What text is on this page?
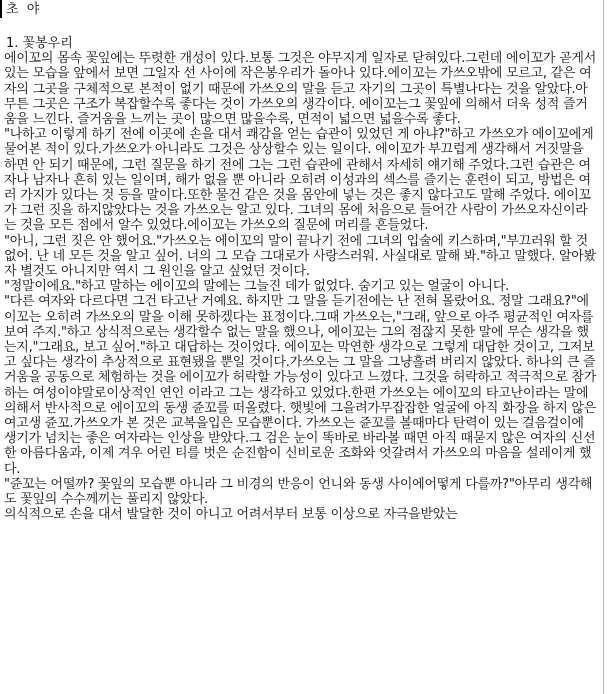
초 야
1. 꽃봉우리

에이꼬의 몸속 꽃잎에는 뚜렷한 개성이 있다.보통 그것은 야무지게 일자로 닫혀있다.그런데 에이꼬가 곧게서 있는 모습을 앞에서 보면 그일자 선 사이에 작은봉우리가 돌아나 있다.에이꼬는 가쓰오밖에 모르고, 같은 여자의 그곳을 구체적으로 본적이 없기 때문에 가쓰오의 말을 듣고 자기의 그곳이 특별나다는 것을 알았다.아무튼 그곳은 구조가 복잡할수록 좋다는 것이 가쓰오의 생각이다. 에이꼬는그 꽃잎에 의해서 더욱 성적 즐거움을 느낀다. 즐거움을 느끼는 곳이 많으면 많을수록, 면적이 넓으면 넓을수록 좋다.

"나하고 이렇게 하기 전에 이곳에 손을 대서 쾌감을 얻는 습관이 있었던 게 아냐?"하고 가쓰오가 에이꼬에게 물어본 적이 있다.가쓰오가 아니라도 그것은 상상할수 있는 일이다. 에이꼬가 부끄럽게 생각해서 거짓말을 하면 안 되기 때문에, 그런 질문을 하기 전에 그는 그런 습관에 관해서 자세히 얘기해 주었다.그런 습관은 여자나 남자나 흔히 있는 일이며, 해가 없을 뿐 아니라 오히려 이성과의 섹스를 즐기는 훈련이 되고, 방법은 여러 가지가 있다는 것 등을 말이다.또한 물건 같은 것을 몸안에 넣는 것은 좋지 않다고도 말해 주었다. 에이꼬가 그런 짓을 하지않았다는 것을 가쓰오는 알고 있다. 그녀의 몸에 처음으로 들어간 사람이 가쓰오자신이라는 것을 모든 점에서 알수 있었다.에이꼬는 가쓰오의 질문에 머리를 흔들었다.

"아니, 그런 짓은 안 했어요."가쓰오는 에이꼬의 말이 끝나기 전에 그녀의 입술에 키스하며,"부끄러워 할 것 없어. 난 네 모든 것을 알고 싶어. 너의 그 모습 그대로가 사랑스러워. 사실대로 말해 봐."하고 말했다. 알아봤자 별것도 아니지만 역시 그 원인을 알고 싶었던 것이다.

"정말이에요."하고 말하는 에이꼬의 말에는 그늘진 데가 없었다. 숨기고 있는 얼굴이 아니다.

"다른 여자와 다르다면 그건 타고난 거예요. 하지만 그 말을 듣기전에는 난 전혀 몰랐어요. 정말 그래요?"에이꼬는 오히려 가쓰오의 말을 이해 못하겠다는 표정이다.그때 가쓰오는,"그래, 앞으로 아주 평균적인 여자를 보여 주지."하고 상식적으로는 생각할수 없는 말을 했으나, 에이꼬는 그의 점잖지 못한 말에 무슨 생각을 했는지,"그래요, 보고 싶어."하고 대답하는 것이었다. 에이꼬는 막연한 생각으로 그렇게 대답한 것이고, 그저보고 싶다는 생각이 추상적으로 표현됐을 뿐일 것이다.가쓰오는 그 말을 그냥흘려 버리지 않았다. 하나의 큰 즐거움을 공동으로 체험하는 것을 에이꼬가 허락할 가능성이 있다고 느꼈다. 그것을 허락하고 적극적으로 참가하는 여성이야말로이상적인 연인 이라고 그는 생각하고 있었다.한편 가쓰오는 에이꼬의 타고난이라는 말에 의해서 반사적으로 에이꼬의 동생 쥰꼬를 떠올렸다. 햇빛에 그을려가무잡잡한 얼굴에 아직 화장을 하지 않은 여고생 쥰꼬.가쓰오가 본 것은 교복을입은 모습뿐이다. 가쓰오는 쥰꼬를 볼때마다 탄력이 있는 걸음걸이에 생기가 넘치는 좋은 여자라는 인상을 받았다.그 검은 눈이 똑바로 바라볼 때면 아직 때묻지 않은 여자의 신선한 아름다움과, 이제 겨우 어린 티를 벗은 순진함이 신비로운 조화와 엇갈려서 가쓰오의 마음을 설레이게 했다.

"쥰꼬는 어떨까? 꽃잎의 모습뿐 아니라 그 비경의 반응이 언니와 동생 사이에어떻게 다를까?"아무리 생각해도 꽃잎의 수수께끼는 풀리지 않았다.

의식적으로 손을 대서 발달한 것이 아니고 어려서부터 보통 이상으로 자극을받았는
